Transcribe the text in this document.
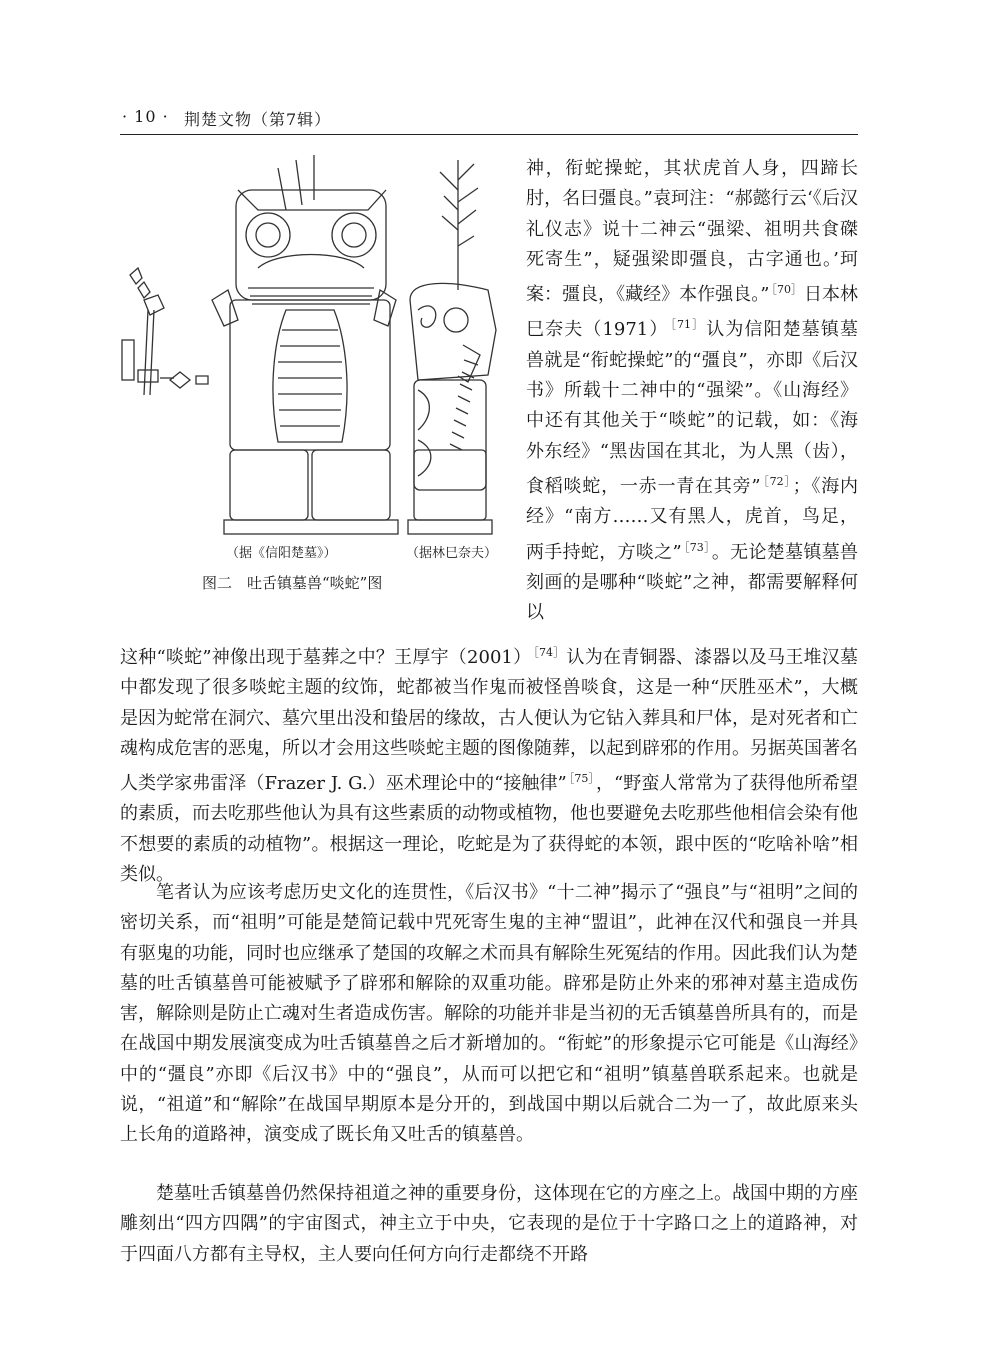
· 10 · 荆楚文物（第7辑）
（据《信阳楚墓》）	（据林巳奈夫）
图二　吐舌镇墓兽“啖蛇”图

神，衔蛇操蛇，其状虎首人身，四蹄长肘，名曰彊良。”袁珂注：“郝懿行云‘《后汉礼仪志》说十二神云“强梁、祖明共食磔死寄生”，疑强梁即彊良，古字通也。’珂案：彊良，《藏经》本作强良。” $^{[70]}$ 日本林巳奈夫（1971） $^{[71]}$ 认为信阳楚墓镇墓兽就是“衔蛇操蛇”的“彊良”，亦即《后汉书》所载十二神中的“强梁”。《山海经》中还有其他关于“啖蛇”的记载，如：《海外东经》“黑齿国在其北，为人黑（齿），食稻啖蛇，一赤一青在其旁” $^{[72]}$ ；《海内经》“南方……又有黑人，虎首，鸟足，两手持蛇，方啖之” $^{[73]}$ 。无论楚墓镇墓兽刻画的是哪种“啖蛇”之神，都需要解释何以

这种“啖蛇”神像出现于墓葬之中？王厚宇（2001） $^{[74]}$ 认为在青铜器、漆器以及马王堆汉墓中都发现了很多啖蛇主题的纹饰，蛇都被当作鬼而被怪兽啖食，这是一种“厌胜巫术”，大概是因为蛇常在洞穴、墓穴里出没和蛰居的缘故，古人便认为它钻入葬具和尸体，是对死者和亡魂构成危害的恶鬼，所以才会用这些啖蛇主题的图像随葬，以起到辟邪的作用。另据英国著名人类学家弗雷泽（Frazer J. G.）巫术理论中的“接触律” $^{[75]}$ ，“野蛮人常常为了获得他所希望的素质，而去吃那些他认为具有这些素质的动物或植物，他也要避免去吃那些他相信会染有他不想要的素质的动植物”。根据这一理论，吃蛇是为了获得蛇的本领，跟中医的“吃啥补啥”相类似。

笔者认为应该考虑历史文化的连贯性，《后汉书》“十二神”揭示了“强良”与“祖明”之间的密切关系，而“祖明”可能是楚简记载中咒死寄生鬼的主神“盟诅”，此神在汉代和强良一并具有驱鬼的功能，同时也应继承了楚国的攻解之术而具有解除生死冤结的作用。因此我们认为楚墓的吐舌镇墓兽可能被赋予了辟邪和解除的双重功能。辟邪是防止外来的邪神对墓主造成伤害，解除则是防止亡魂对生者造成伤害。解除的功能并非是当初的无舌镇墓兽所具有的，而是在战国中期发展演变成为吐舌镇墓兽之后才新增加的。“衔蛇”的形象提示它可能是《山海经》中的“彊良”亦即《后汉书》中的“强良”，从而可以把它和“祖明”镇墓兽联系起来。也就是说，“祖道”和“解除”在战国早期原本是分开的，到战国中期以后就合二为一了，故此原来头上长角的道路神，演变成了既长角又吐舌的镇墓兽。

楚墓吐舌镇墓兽仍然保持祖道之神的重要身份，这体现在它的方座之上。战国中期的方座雕刻出“四方四隅”的宇宙图式，神主立于中央，它表现的是位于十字路口之上的道路神，对于四面八方都有主导权，主人要向任何方向行走都绕不开路
